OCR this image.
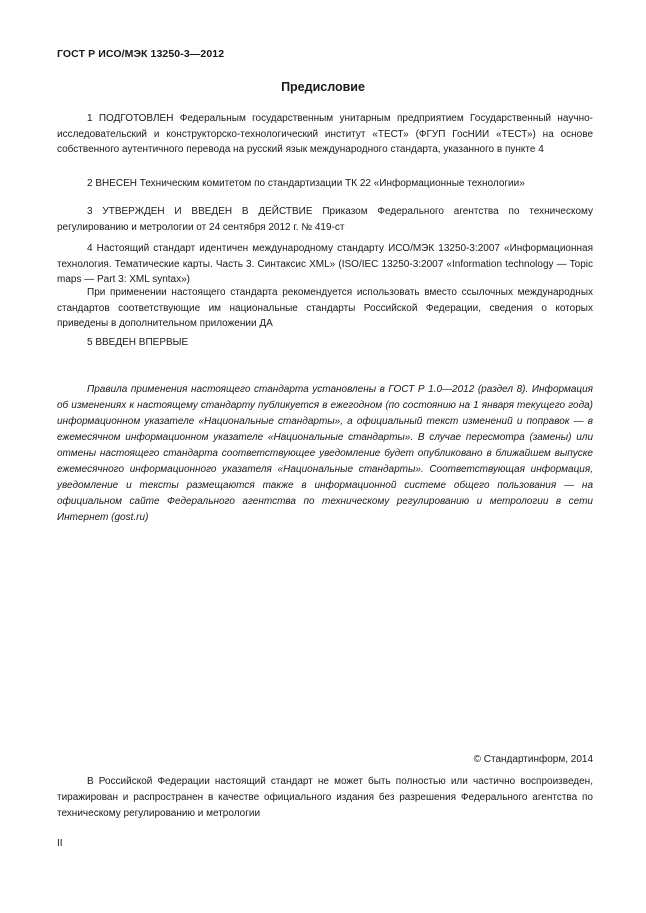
ГОСТ Р ИСО/МЭК 13250-3—2012
Предисловие

1 ПОДГОТОВЛЕН Федеральным государственным унитарным предприятием Государственный научно-исследовательский и конструкторско-технологический институт «ТЕСТ» (ФГУП ГосНИИ «ТЕСТ») на основе собственного аутентичного перевода на русский язык международного стандарта, указанного в пункте 4

2 ВНЕСЕН Техническим комитетом по стандартизации ТК 22 «Информационные технологии»

3 УТВЕРЖДЕН И ВВЕДЕН В ДЕЙСТВИЕ Приказом Федерального агентства по техническому регулированию и метрологии от 24 сентября 2012 г. № 419-ст

4 Настоящий стандарт идентичен международному стандарту ИСО/МЭК 13250-3:2007 «Информационная технология. Тематические карты. Часть 3. Синтаксис XML» (ISO/IEC 13250-3:2007 «Information technology — Topic maps — Part 3: XML syntax»)

При применении настоящего стандарта рекомендуется использовать вместо ссылочных международных стандартов соответствующие им национальные стандарты Российской Федерации, сведения о которых приведены в дополнительном приложении ДА

5 ВВЕДЕН ВПЕРВЫЕ

Правила применения настоящего стандарта установлены в ГОСТ Р 1.0—2012 (раздел 8). Информация об изменениях к настоящему стандарту публикуется в ежегодном (по состоянию на 1 января текущего года) информационном указателе «Национальные стандарты», а официальный текст изменений и поправок — в ежемесячном информационном указателе «Национальные стандарты». В случае пересмотра (замены) или отмены настоящего стандарта соответствующее уведомление будет опубликовано в ближайшем выпуске ежемесячного информационного указателя «Национальные стандарты». Соответствующая информация, уведомление и тексты размещаются также в информационной системе общего пользования — на официальном сайте Федерального агентства по техническому регулированию и метрологии в сети Интернет (gost.ru)

© Стандартинформ, 2014

В Российской Федерации настоящий стандарт не может быть полностью или частично воспроизведен, тиражирован и распространен в качестве официального издания без разрешения Федерального агентства по техническому регулированию и метрологии

II
